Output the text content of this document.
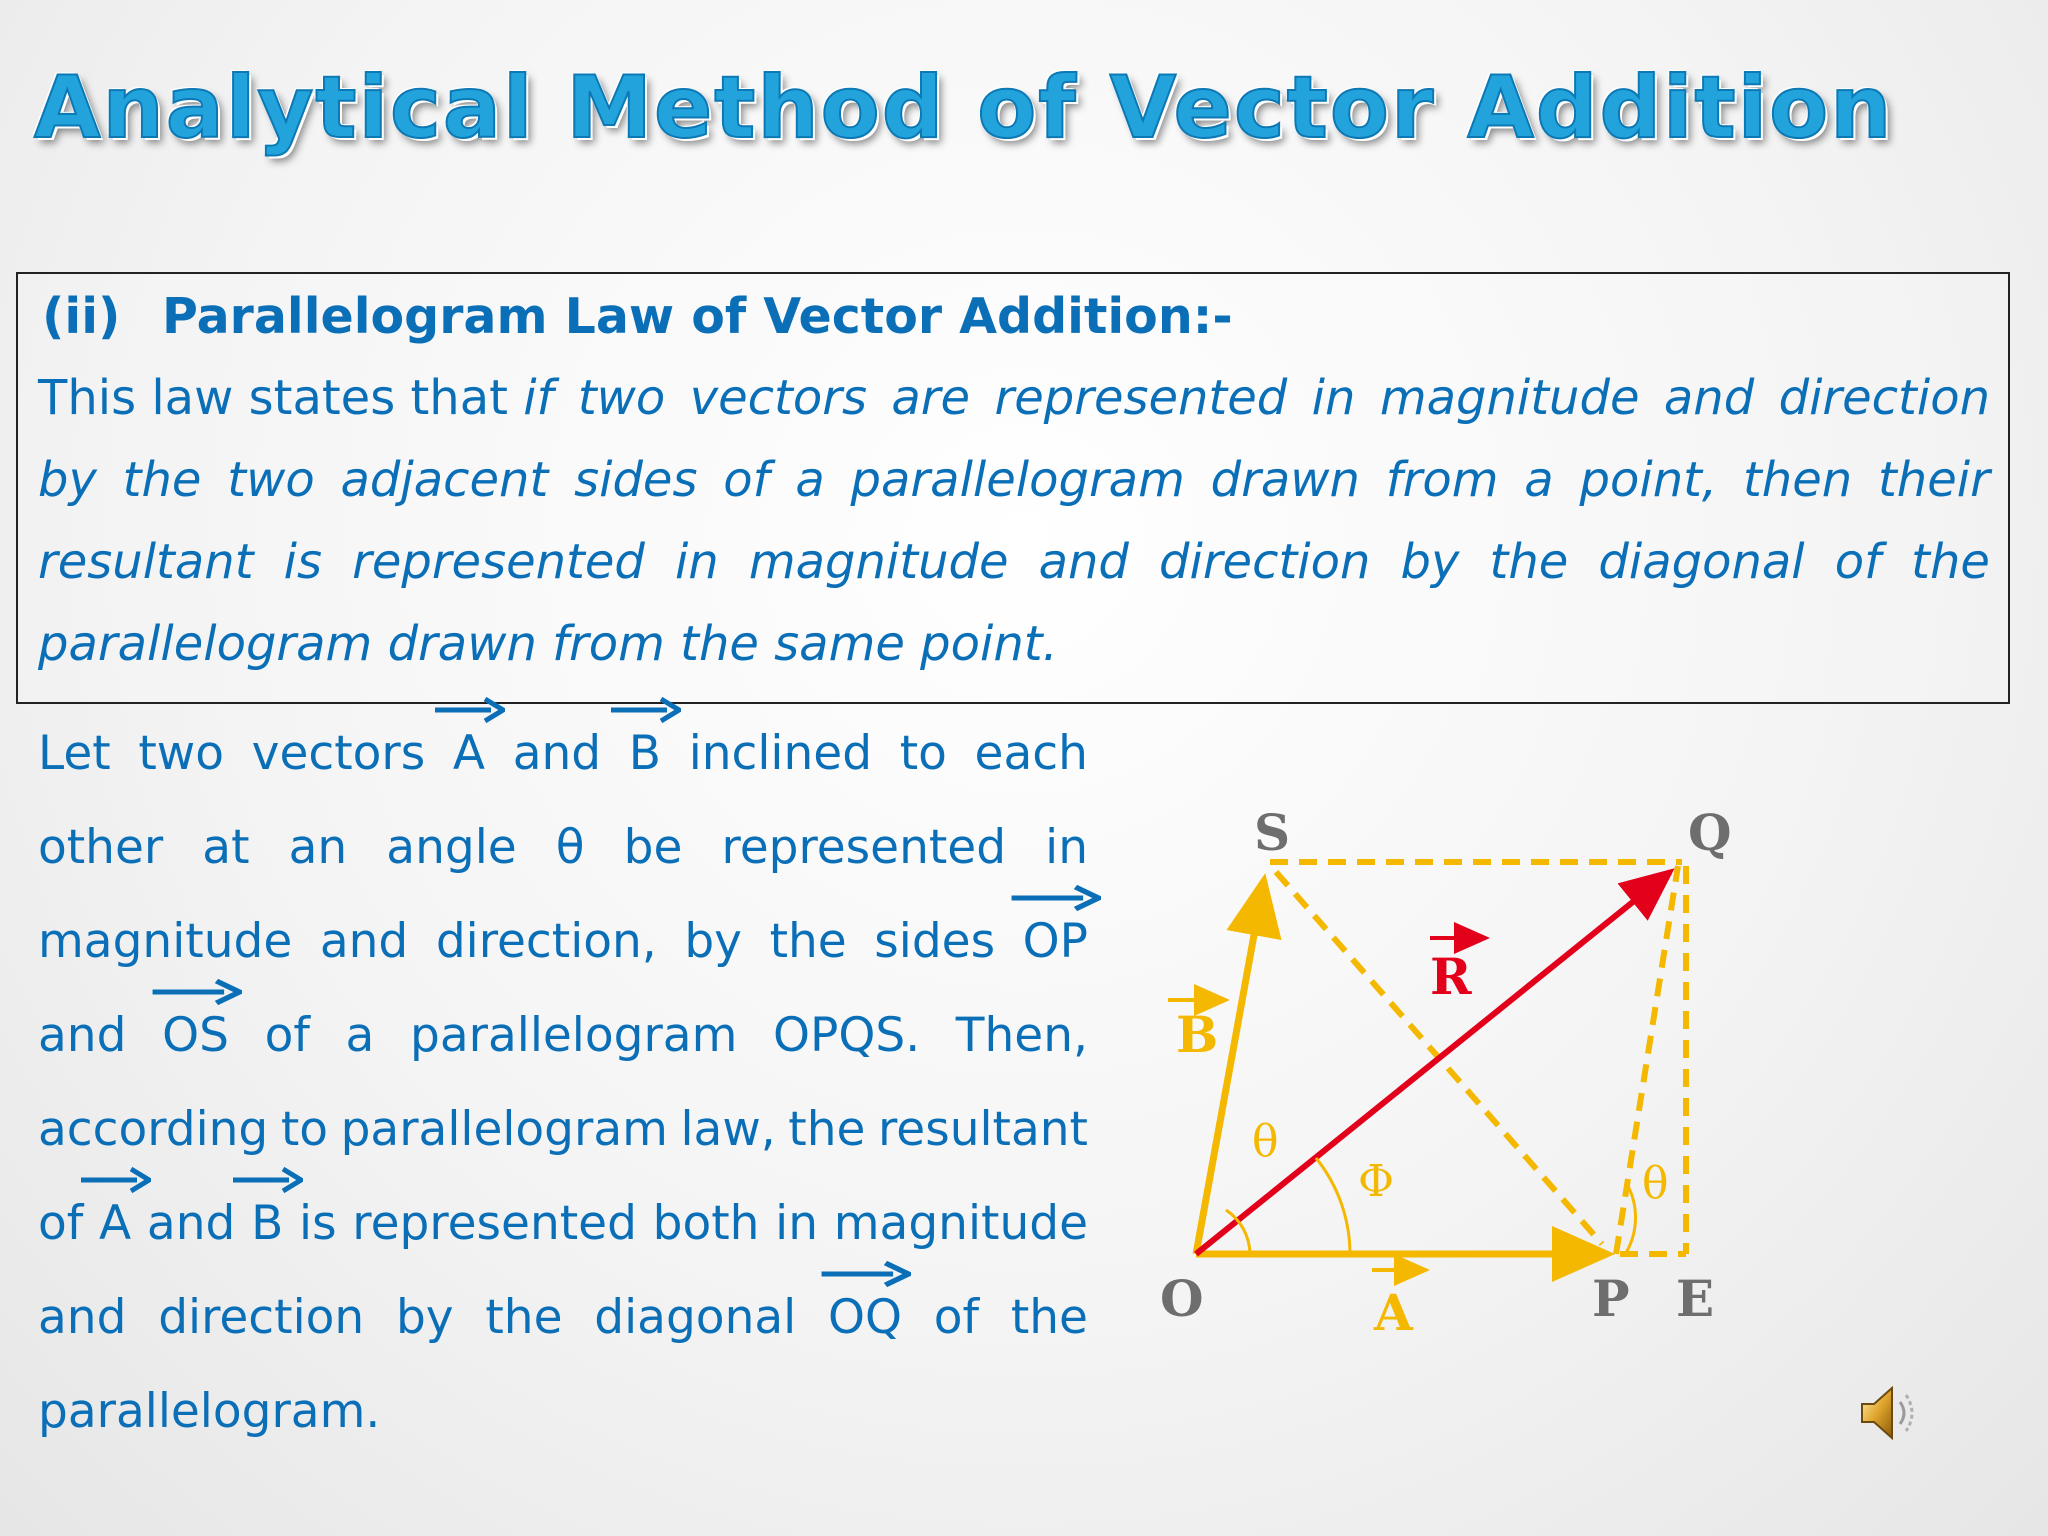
Analytical Method of Vector Addition
(ii) Parallelogram Law of Vector Addition:-
This law states that if two vectors are represented in magnitude and direction
by the two adjacent sides of a parallelogram drawn from a point, then their
resultant is represented in magnitude and direction by the diagonal of the
parallelogram drawn from the same point.
Let two vectors A and B inclined to each
other at an angle θ be represented in
magnitude and direction, by the sides OP
and OS of a parallelogram OPQS. Then,
according to parallelogram law, the resultant
of A and B is represented both in magnitude
and direction by the diagonal OQ of the
parallelogram.
S	Q
O	P E
B
A
R
θ
Φ	θ
